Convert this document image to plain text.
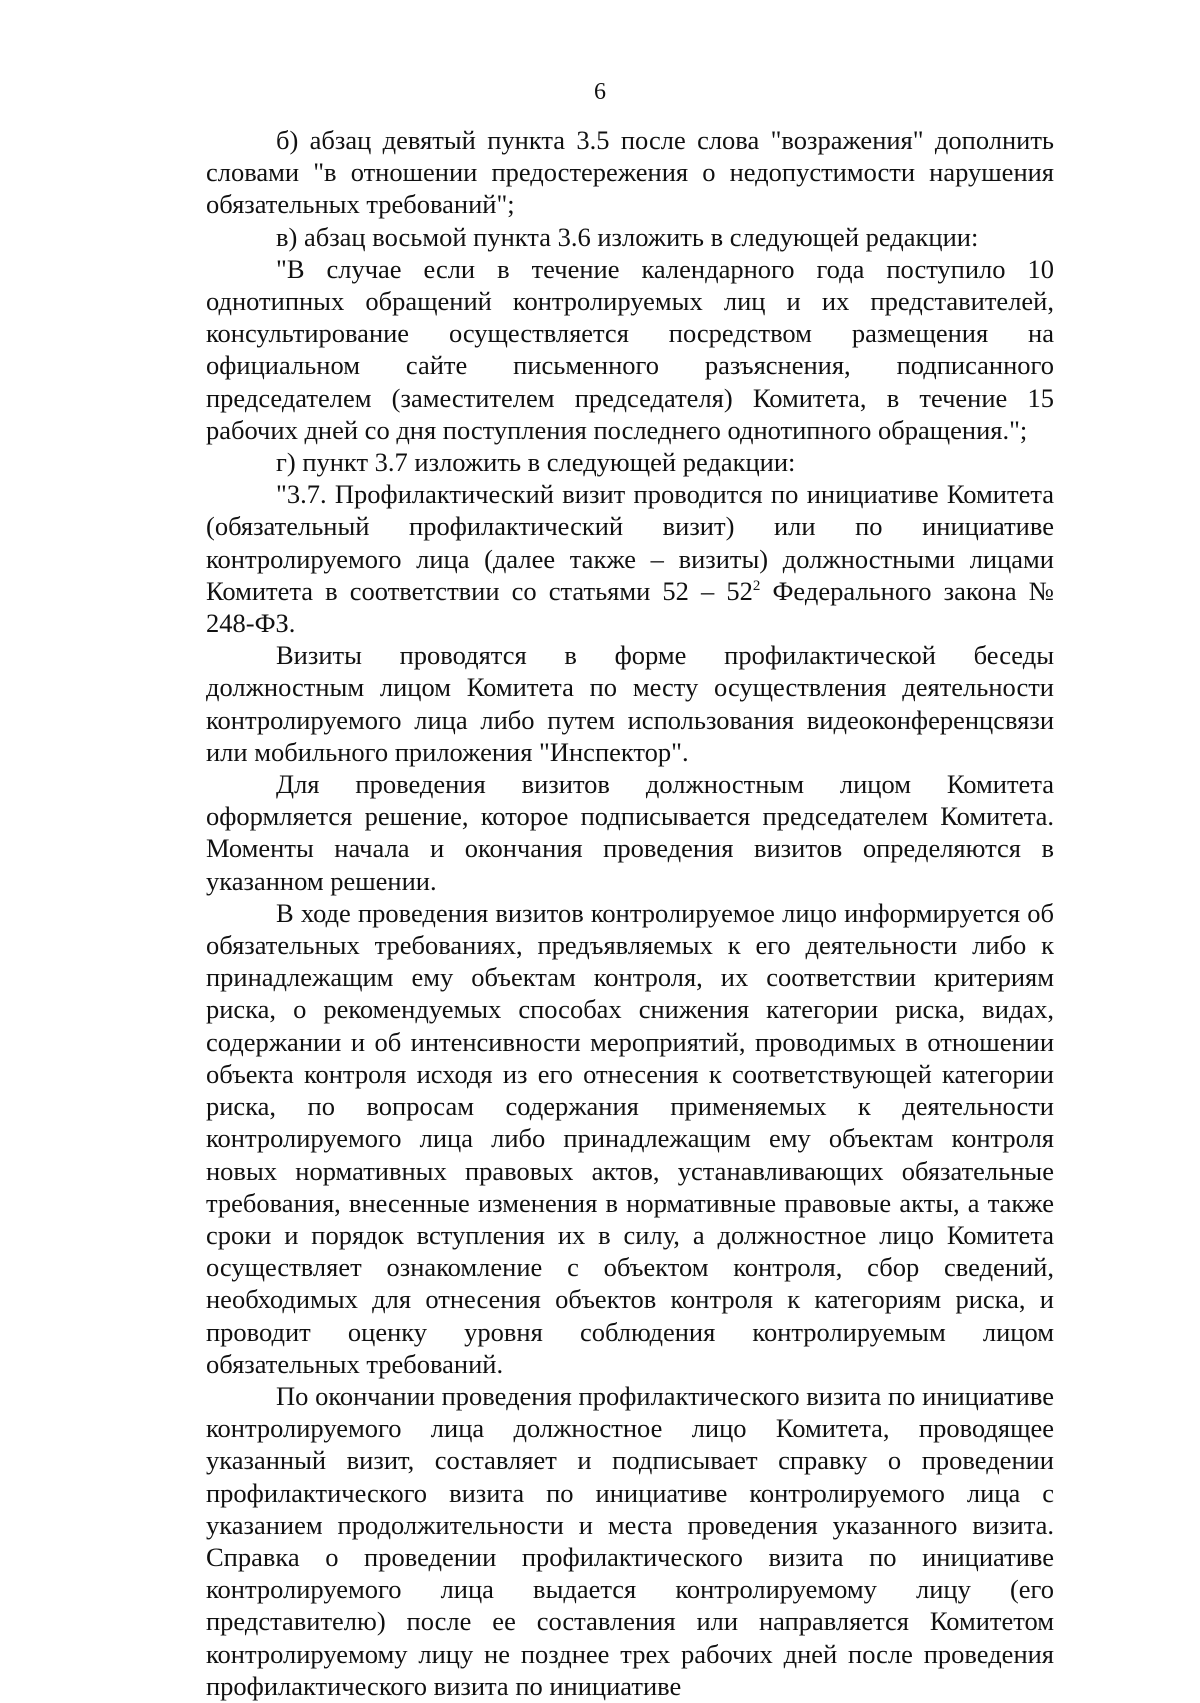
6

б) абзац девятый пункта 3.5 после слова "возражения" дополнить словами "в отношении предостережения о недопустимости нарушения обязательных требований";

в) абзац восьмой пункта 3.6 изложить в следующей редакции:

"В случае если в течение календарного года поступило 10 однотипных обращений контролируемых лиц и их представителей, консультирование осуществляется посредством размещения на официальном сайте письменного разъяснения, подписанного председателем (заместителем председателя) Комитета, в течение 15 рабочих дней со дня поступления последнего однотипного обращения.";

г) пункт 3.7 изложить в следующей редакции:

"3.7. Профилактический визит проводится по инициативе Комитета (обязательный профилактический визит) или по инициативе контролируемого лица (далее также – визиты) должностными лицами Комитета в соответствии со статьями $52 - 52^2$ Федерального закона № 248-ФЗ.

Визиты проводятся в форме профилактической беседы должностным лицом Комитета по месту осуществления деятельности контролируемого лица либо путем использования видеоконференцсвязи или мобильного приложения "Инспектор".

Для проведения визитов должностным лицом Комитета оформляется решение, которое подписывается председателем Комитета. Моменты начала и окончания проведения визитов определяются в указанном решении.

В ходе проведения визитов контролируемое лицо информируется об обязательных требованиях, предъявляемых к его деятельности либо к принадлежащим ему объектам контроля, их соответствии критериям риска, о рекомендуемых способах снижения категории риска, видах, содержании и об интенсивности мероприятий, проводимых в отношении объекта контроля исходя из его отнесения к соответствующей категории риска, по вопросам содержания применяемых к деятельности контролируемого лица либо принадлежащим ему объектам контроля новых нормативных правовых актов, устанавливающих обязательные требования, внесенные изменения в нормативные правовые акты, а также сроки и порядок вступления их в силу, а должностное лицо Комитета осуществляет ознакомление с объектом контроля, сбор сведений, необходимых для отнесения объектов контроля к категориям риска, и проводит оценку уровня соблюдения контролируемым лицом обязательных требований.

По окончании проведения профилактического визита по инициативе контролируемого лица должностное лицо Комитета, проводящее указанный визит, составляет и подписывает справку о проведении профилактического визита по инициативе контролируемого лица с указанием продолжительности и места проведения указанного визита. Справка о проведении профилактического визита по инициативе контролируемого лица выдается контролируемому лицу (его представителю) после ее составления или направляется Комитетом контролируемому лицу не позднее трех рабочих дней после проведения профилактического визита по инициативе
